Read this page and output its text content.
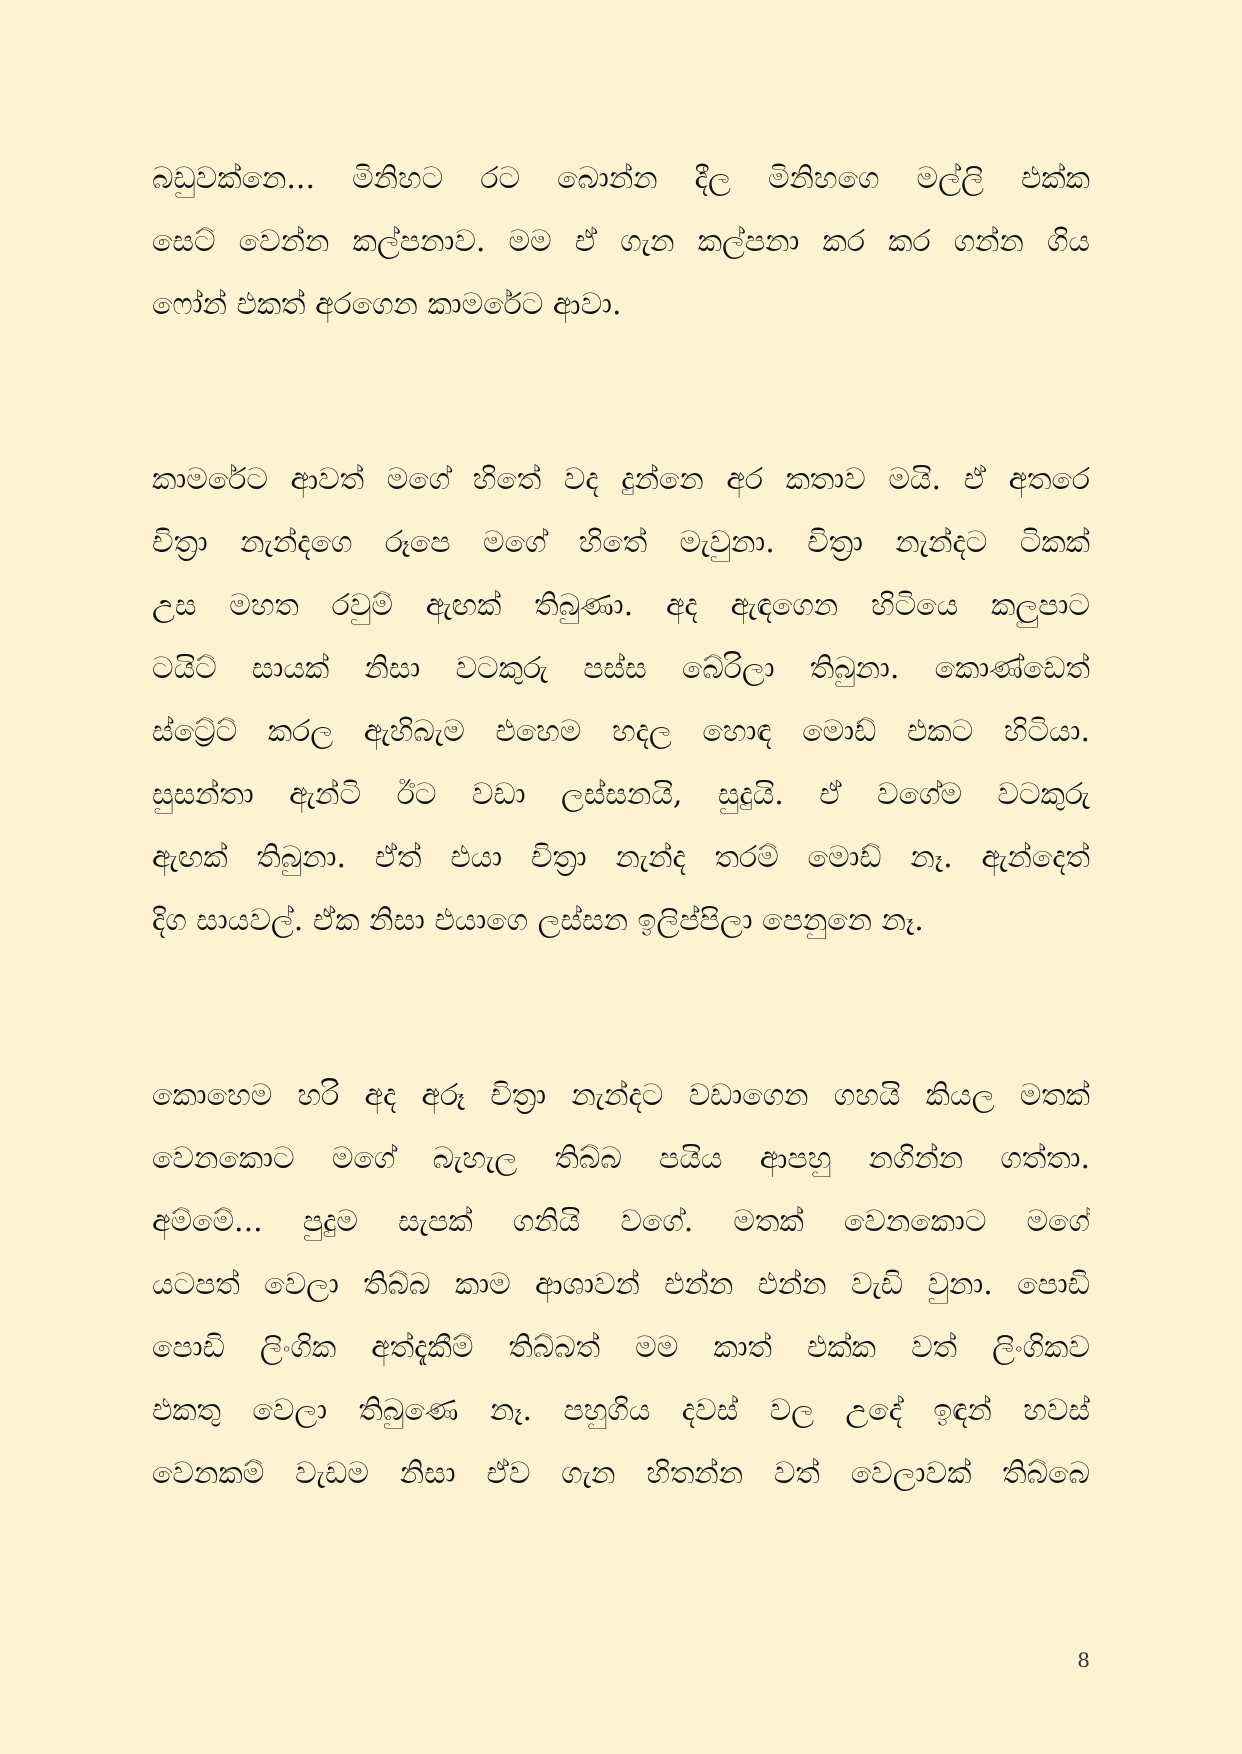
බඩුවක්නෙ... මිනිහට රට බොන්න දීල මිනිහගෙ මල්ලි එක්ක
සෙට් වෙන්න කල්පනාව. මම ඒ ගැන කල්පනා කර කර ගන්න ගිය
ෆෝන් එකත් අරගෙන කාමරේට ආවා.
කාමරේට ආවත් මගේ හිතේ වද දුන්නෙ අර කතාව මයි. ඒ අතරෙ
චිත්‍රා නැන්දගෙ රූපෙ මගේ හිතේ මැවුනා. චිත්‍රා නැන්දට ටිකක්
උස මහත රවුම් ඇඟක් තිබුණා. අද ඇඳගෙන හිටියෙ කලුපාට
ටයිට් සායක් නිසා වටකුරු පස්ස බේරිලා තිබුනා. කොණ්ඩෙත්
ස්ට්‍රේට් කරල ඇහිබැම එහෙම හදල හොඳ මොඩ් එකට හිටියා.
සුසන්තා ඇන්ටි ඊට වඩා ලස්සනයි, සුදුයි. ඒ වගේම වටකුරු
ඇඟක් තිබුනා. ඒත් එයා චිත්‍රා නැන්ද තරම් මොඩ් නෑ. ඇන්දෙත්
දිග සායවල්. ඒක නිසා එයාගෙ ලස්සන ඉලිප්පිලා පෙනුනෙ නෑ.
කොහෙම හරි අද අරූ චිත්‍රා නැන්දට වඩාගෙන ගහයි කියල මතක්
වෙනකොට මගේ බැහැල තිබ්බ පයිය ආපහු නගින්න ගත්තා.
අම්මේ... පුදුම සැපක් ගනියි වගේ. මතක් වෙනකොට මගේ
යටපත් වෙලා තිබ්බ කාම ආශාවන් එන්න එන්න වැඩි වුනා. පොඩි
පොඩි ලිංගික අත්දැකීම් තිබ්බත් මම කාත් එක්ක වත් ලිංගිකව
එකතු වෙලා තිබුණෙ නෑ. පහුගිය දවස් වල උදේ ඉඳන් හවස්
වෙනකම් වැඩම නිසා ඒව ගැන හිතන්න වත් වෙලාවක් තිබ්බෙ
8
